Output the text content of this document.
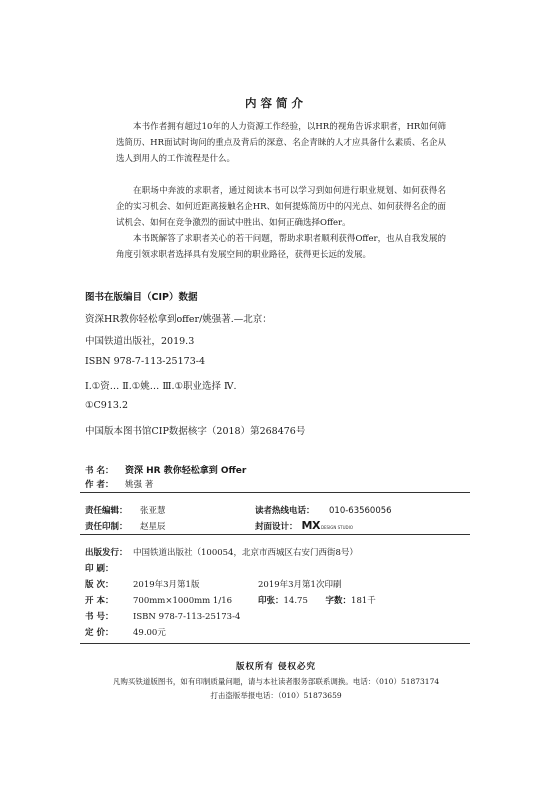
内容简介

本书作者拥有超过10年的人力资源工作经验，以HR的视角告诉求职者，HR如何筛选简历、HR面试时询问的重点及背后的深意、名企青睐的人才应具备什么素质、名企从选人到用人的工作流程是什么。

在职场中奔波的求职者，通过阅读本书可以学习到如何进行职业规划、如何获得名企的实习机会、如何近距离接触名企HR、如何提炼简历中的闪光点、如何获得名企的面试机会、如何在竞争激烈的面试中胜出、如何正确选择Offer。

本书既解答了求职者关心的若干问题，帮助求职者顺利获得Offer，也从自我发展的角度引领求职者选择具有发展空间的职业路径，获得更长远的发展。

图书在版编目（CIP）数据
资深HR教你轻松拿到offer/姚强著.—北京：
中国铁道出版社，2019.3
ISBN 978-7-113-25173-4
Ⅰ.①资… Ⅱ.①姚… Ⅲ.①职业选择 Ⅳ.
①C913.2
中国版本图书馆CIP数据核字（2018）第268476号
书 名：	资深 HR 教你轻松拿到 Offer
作 者：	姚强 著
责任编辑：	张亚慧	读者热线电话：	010-63560056
责任印制：	赵星辰	封面设计： MX DESIGN STUDIO
出版发行： 中国铁道出版社（100054，北京市西城区右安门西街8号）
印 刷：
版 次：	2019年3月第1版	2019年3月第1次印刷
开 本：	700mm×1000mm 1/16	印张： 14.75	字数： 181千
书 号：	ISBN 978-7-113-25173-4
定 价：	49.00元
版权所有 侵权必究
凡购买铁道版图书，如有印制质量问题，请与本社读者服务部联系调换。电话：（010）51873174
打击盗版举报电话：（010）51873659
